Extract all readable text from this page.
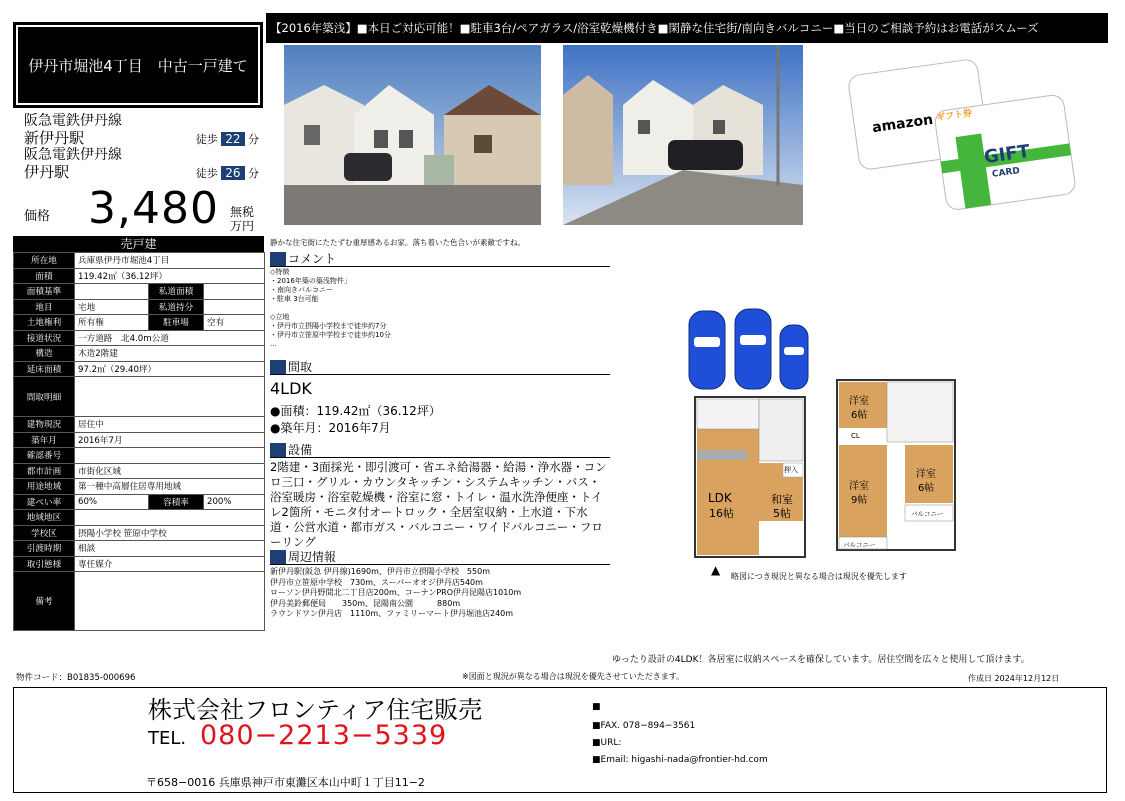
【2016年築浅】■本日ご対応可能！■駐車3台/ペアガラス/浴室乾燥機付き■閑静な住宅街/南向きバルコニー■当日のご相談予約はお電話がスムーズ
伊丹市堀池4丁目　中古一戸建て
阪急電鉄伊丹線
新伊丹駅	徒歩 22 分
阪急電鉄伊丹線
伊丹駅	徒歩 26 分
価格 3,480 無税
万円
売戸建
所在地	兵庫県伊丹市堀池4丁目		
面積	119.42㎡（36.12坪）		
面積基準		私道面積	
地目	宅地	私道持分	
土地権利	所有権	駐車場	空有
接道状況	一方道路　北4.0m公道		
構造	木造2階建		
延床面積	97.2㎡（29.40坪）		
間取明細			
建物現況	居住中		
築年月	2016年7月		
確認番号			
都市計画	市街化区域		
用途地域	第一種中高層住居専用地域		
建ぺい率	60%	容積率	200%
地域地区			
学校区	摂陽小学校 笹原中学校		
引渡時期	相談		
取引態様	専任媒介		
備考			
物件コード：B01835-000696
静かな住宅街にたたずむ重厚感あるお家。落ち着いた色合いが素敵ですね。
amazon ギフト券
GIFT
CARD
コメント
◇特徴
・2016年築の築浅物件」
・南向きバルコニー
・駐車 3台可能
◇立地
・伊丹市立摂陽小学校まで徒歩約7分
・伊丹市立笹原中学校まで徒歩約10分
…
間取
4LDK
●面積：119.42㎡（36.12坪）
●築年月：2016年7月
設備
2階建・3面採光・即引渡可・省エネ給湯器・給湯・浄水器・コンロ三口・グリル・カウンタキッチン・システムキッチン・バス・浴室暖房・浴室乾燥機・浴室に窓・トイレ・温水洗浄便座・トイレ2箇所・モニタ付オートロック・全居室収納・上水道・下水道・公営水道・都市ガス・バルコニー・ワイドバルコニー・フローリング
周辺情報
新伊丹駅(阪急 伊丹線)1690m、伊丹市立摂陽小学校　550m
伊丹市立笹原中学校　730m、スーパーオオジ伊丹店540m
ローソン伊丹野間北二丁目店200m、コーナンPRO伊丹昆陽店1010m
伊丹美鈴郵便局　　350m、昆陽南公園　　　880m
ラウンドワン伊丹店　1110m、ファミリーマート伊丹堀池店240m
LDK
16帖
和室
5帖
押入
洋室
6帖
洋室
9帖
洋室
6帖
CL
バルコニー
バルコニー
▲ 略図につき現況と異なる場合は現況を優先します
ゆったり設計の4LDK！各居室に収納スペースを確保しています。居住空間を広々と使用して頂けます。
※図面と現況が異なる場合は現況を優先させていただきます。	作成日 2024年12月12日
株式会社フロンティア住宅販売
TEL. 080−2213−5339
〒658−0016 兵庫県神戸市東灘区本山中町１丁目11−2
■
■FAX. 078−894−3561
■URL:
■Email: higashi-nada@frontier-hd.com
